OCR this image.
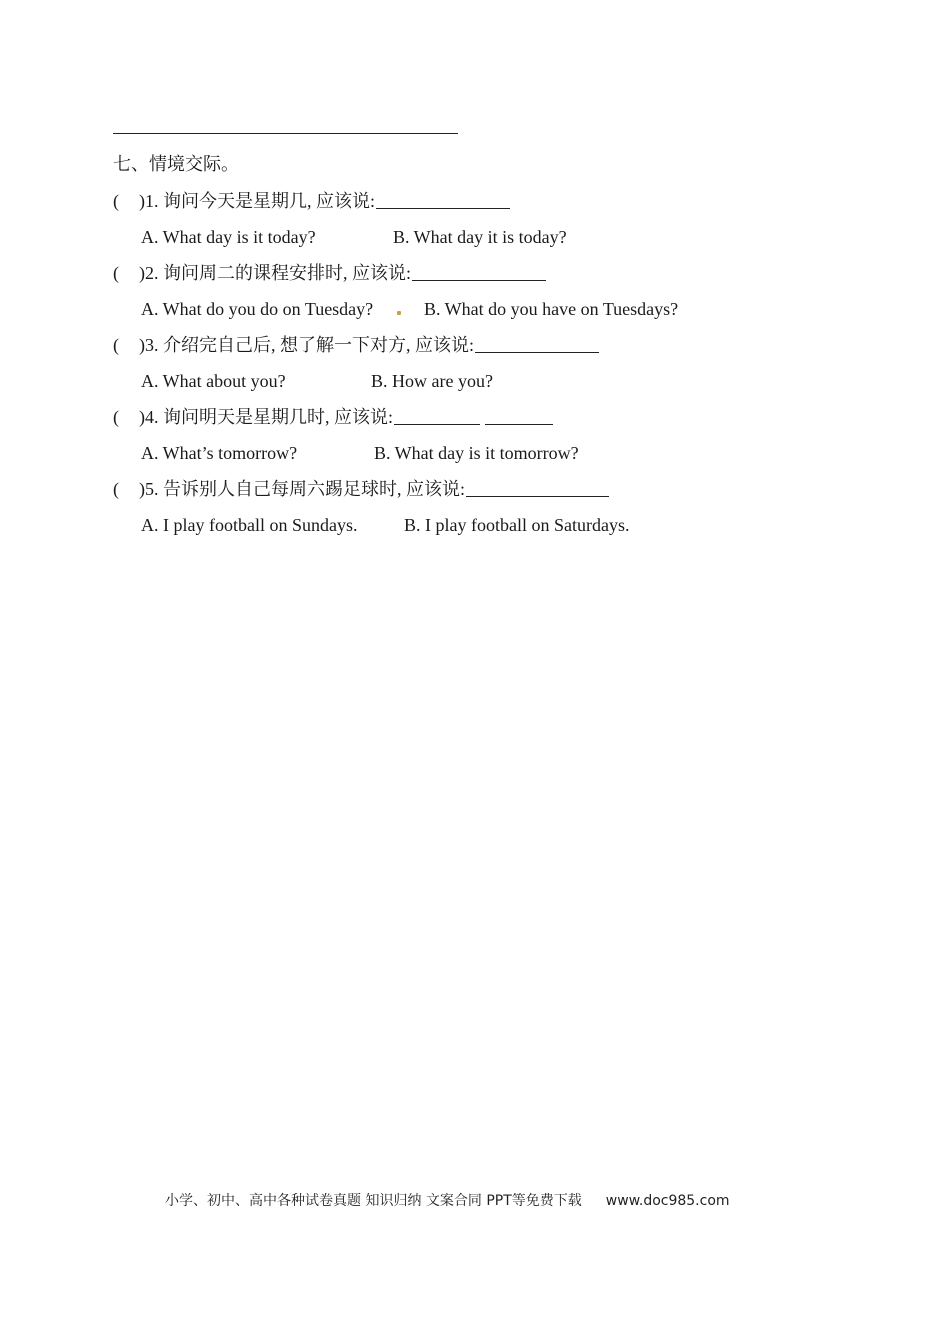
七、情境交际。
(	) 1. 询问今天是星期几, 应该说:
A. What day is it today?	B. What day it is today?
(	) 2. 询问周二的课程安排时, 应该说:
A. What do you do on Tuesday?	B. What do you have on Tuesdays?
(	) 3. 介绍完自己后, 想了解一下对方, 应该说:
A. What about you?	B. How are you?
(	) 4. 询问明天是星期几时, 应该说:
A. What’s tomorrow?	B. What day is it tomorrow?
(	) 5. 告诉别人自己每周六踢足球时, 应该说:
A. I play football on Sundays.	B. I play football on Saturdays.
小学、初中、高中各种试卷真题 知识归纳 文案合同 PPT等免费下载 www.doc985.com
